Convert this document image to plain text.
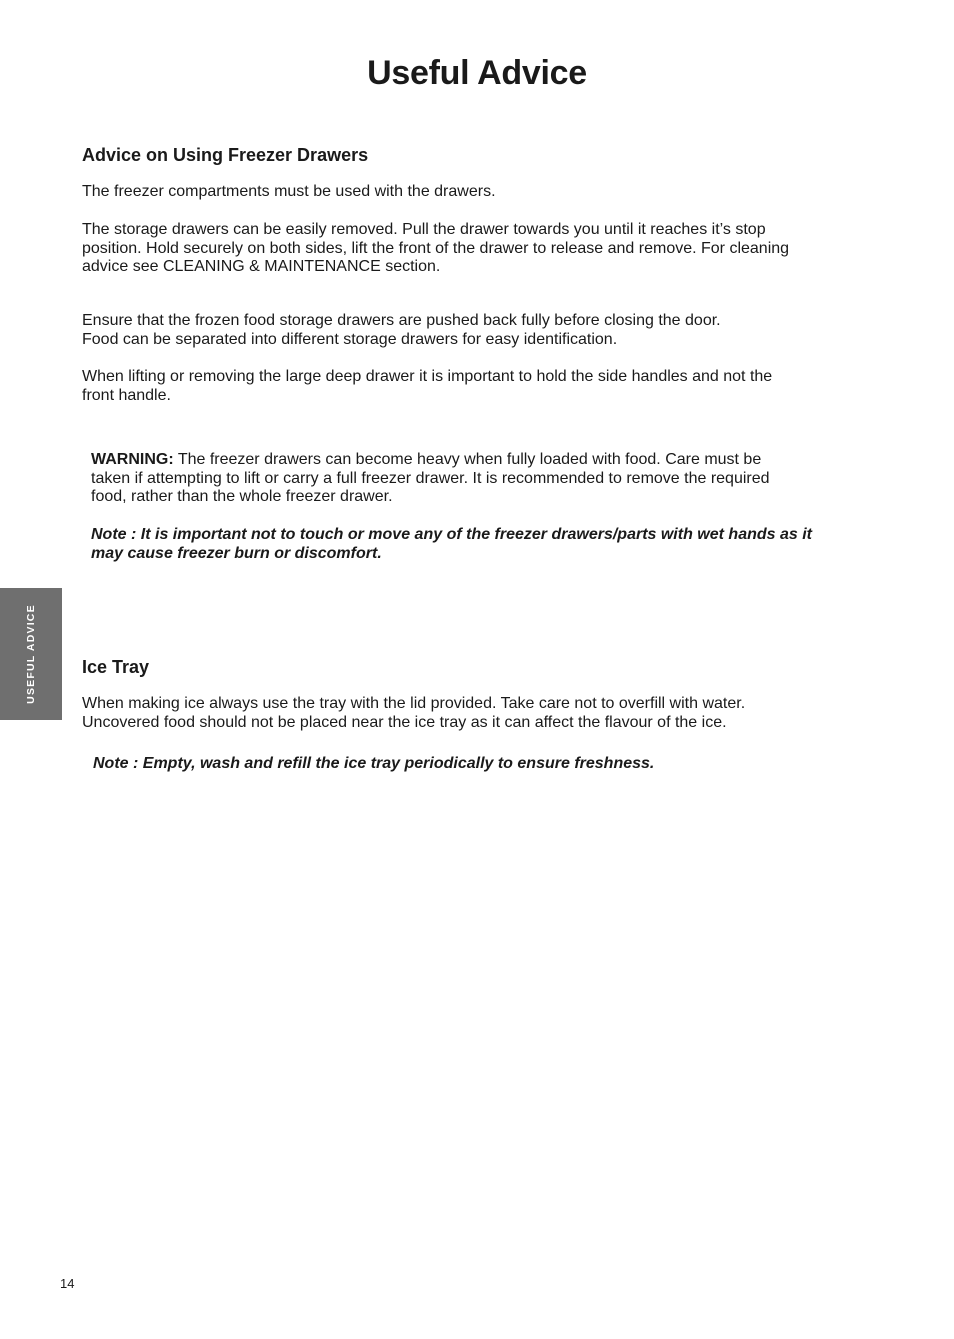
Useful Advice
Advice on Using Freezer Drawers

The freezer compartments must be used with the drawers.

The storage drawers can be easily removed. Pull the drawer towards you until it reaches it’s stop
position. Hold securely on both sides, lift the front of the drawer to release and remove. For cleaning
advice see CLEANING & MAINTENANCE section.

Ensure that the frozen food storage drawers are pushed back fully before closing the door.
Food can be separated into different storage drawers for easy identification.

When lifting or removing the large deep drawer it is important to hold the side handles and not the
front handle.

WARNING: The freezer drawers can become heavy when fully loaded with food. Care must be
taken if attempting to lift or carry a full freezer drawer. It is recommended to remove the required
food, rather than the whole freezer drawer.

Note : It is important not to touch or move any of the freezer drawers/parts with wet hands as it
may cause freezer burn or discomfort.

USEFUL ADVICE	Ice Tray

When making ice always use the tray with the lid provided. Take care not to overfill with water.
Uncovered food should not be placed near the ice tray as it can affect the flavour of the ice.

Note : Empty, wash and refill the ice tray periodically to ensure freshness.

14
